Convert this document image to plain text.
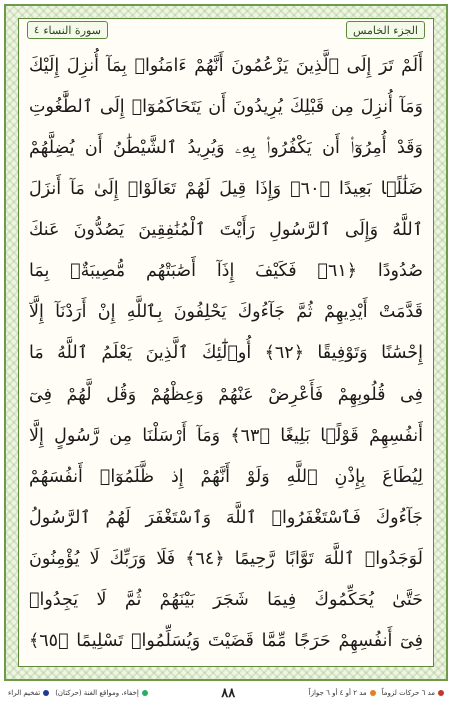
الجزء الخامس
سورة النساء
٤
أَلَمْ تَرَ إِلَى ٱلَّذِينَ يَزْعُمُونَ أَنَّهُمْ ءَامَنُوا۟ بِمَآ أُنزِلَ إِلَيْكَ
وَمَآ أُنزِلَ مِن قَبْلِكَ يُرِيدُونَ أَن يَتَحَاكَمُوٓا۟ إِلَى ٱلطَّٰغُوتِ
وَقَدْ أُمِرُوٓا۟ أَن يَكْفُرُوا۟ بِهِۦ وَيُرِيدُ ٱلشَّيْطَٰنُ أَن يُضِلَّهُمْ
ضَلَٰلًۢا بَعِيدًا ﴿٦٠﴾ وَإِذَا قِيلَ لَهُمْ تَعَالَوْا۟ إِلَىٰ مَآ أَنزَلَ
ٱللَّهُ وَإِلَى ٱلرَّسُولِ رَأَيْتَ ٱلْمُنَٰفِقِينَ يَصُدُّونَ عَنكَ
صُدُودًا ﴿٦١﴾ فَكَيْفَ إِذَآ أَصَٰبَتْهُم مُّصِيبَةٌۢ بِمَا
قَدَّمَتْ أَيْدِيهِمْ ثُمَّ جَآءُوكَ يَحْلِفُونَ بِٱللَّهِ إِنْ أَرَدْنَآ إِلَّآ
إِحْسَٰنًا وَتَوْفِيقًا ﴿٦٢﴾ أُو۟لَٰٓئِكَ ٱلَّذِينَ يَعْلَمُ ٱللَّهُ مَا
فِى قُلُوبِهِمْ فَأَعْرِضْ عَنْهُمْ وَعِظْهُمْ وَقُل لَّهُمْ فِىٓ
أَنفُسِهِمْ قَوْلًۢا بَلِيغًا ﴿٦٣﴾ وَمَآ أَرْسَلْنَا مِن رَّسُولٍ إِلَّا
لِيُطَاعَ بِإِذْنِ ٱللَّهِ وَلَوْ أَنَّهُمْ إِذ ظَّلَمُوٓا۟ أَنفُسَهُمْ
جَآءُوكَ فَٱسْتَغْفَرُوا۟ ٱللَّهَ وَٱسْتَغْفَرَ لَهُمُ ٱلرَّسُولُ
لَوَجَدُوا۟ ٱللَّهَ تَوَّابًا رَّحِيمًا ﴿٦٤﴾ فَلَا وَرَبِّكَ لَا يُؤْمِنُونَ
حَتَّىٰ يُحَكِّمُوكَ فِيمَا شَجَرَ بَيْنَهُمْ ثُمَّ لَا يَجِدُوا۟
فِىٓ أَنفُسِهِمْ حَرَجًا مِّمَّا قَضَيْتَ وَيُسَلِّمُوا۟ تَسْلِيمًا ﴿٦٥﴾
مد ٦ حركات لزوماً
مد ٢ أو ٤ أو ٦ جوازاً
٨٨
إخفاء، ومواقع الغنة (حركتان)
تفخيم الراء
